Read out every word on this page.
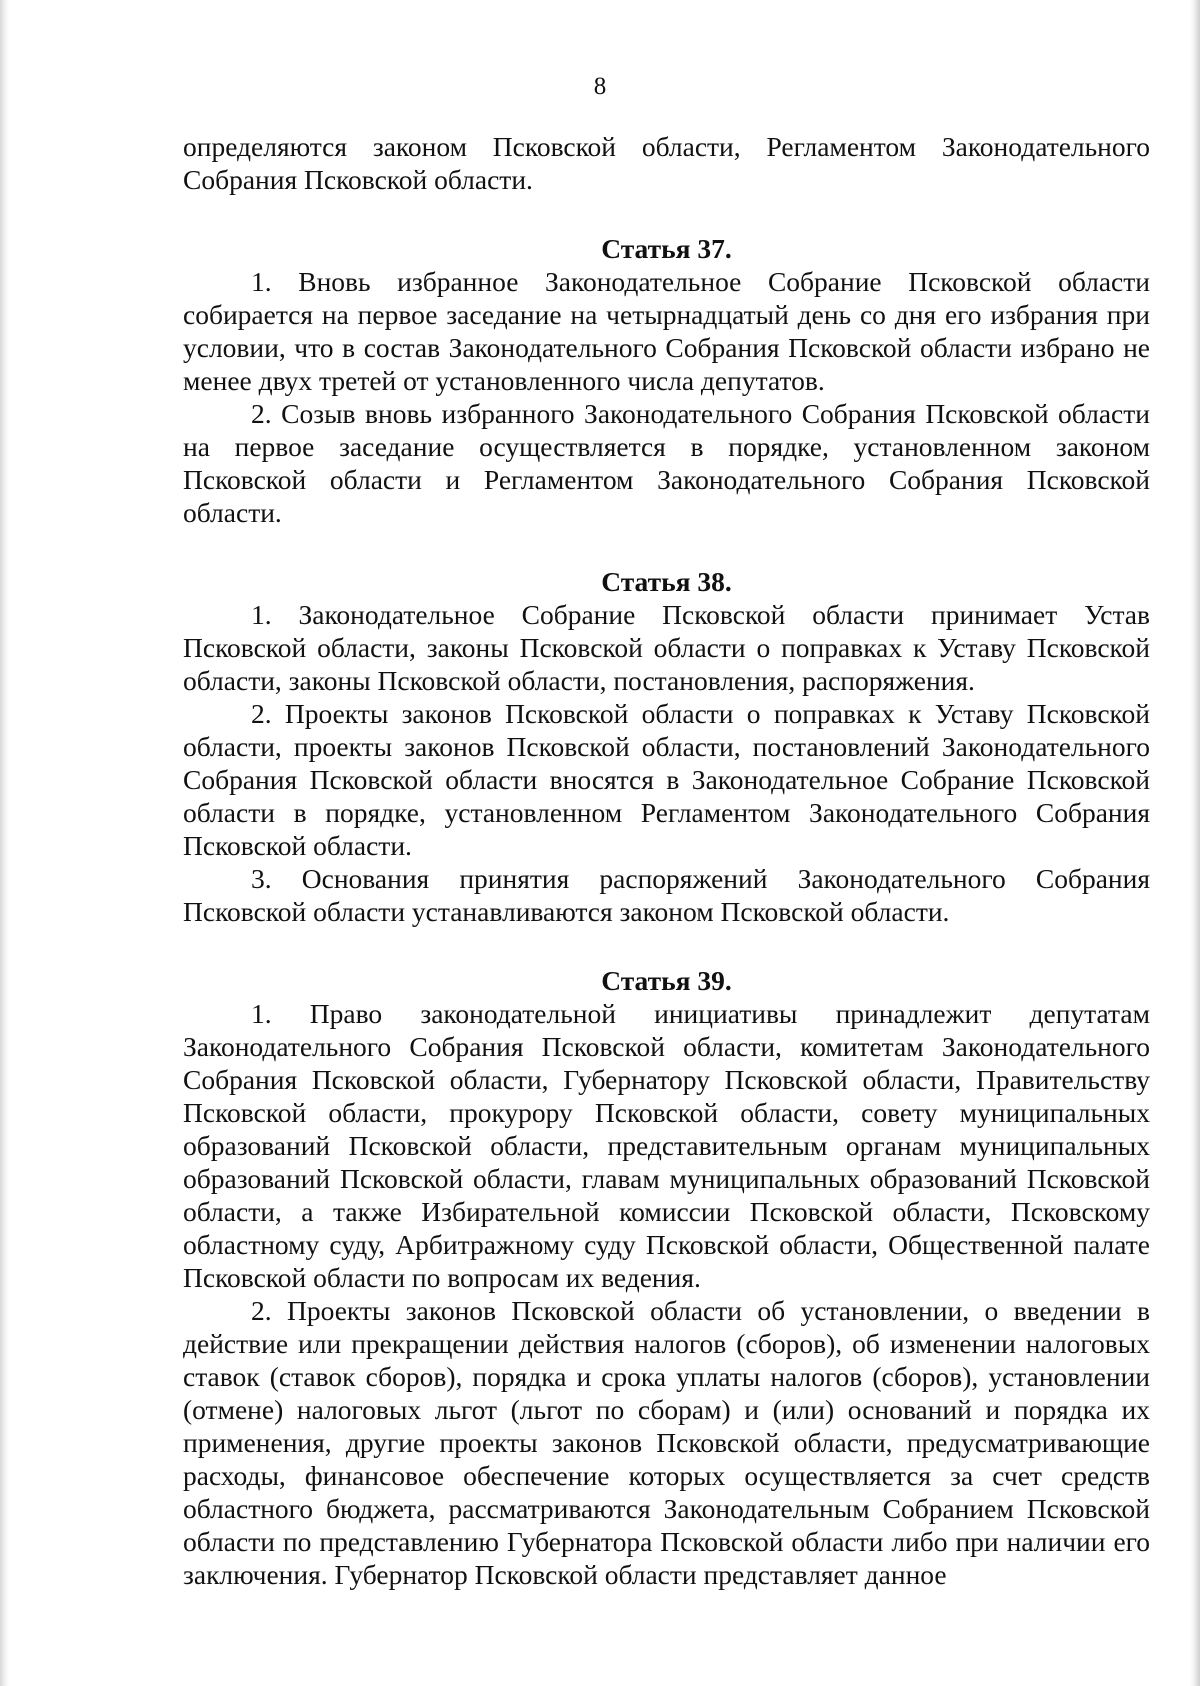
8

определяются законом Псковской области, Регламентом Законодательного Собрания Псковской области.

Статья 37.

1. Вновь избранное Законодательное Собрание Псковской области собирается на первое заседание на четырнадцатый день со дня его избрания при условии, что в состав Законодательного Собрания Псковской области избрано не менее двух третей от установленного числа депутатов.

2. Созыв вновь избранного Законодательного Собрания Псковской области на первое заседание осуществляется в порядке, установленном законом Псковской области и Регламентом Законодательного Собрания Псковской области.

Статья 38.

1. Законодательное Собрание Псковской области принимает Устав Псковской области, законы Псковской области о поправках к Уставу Псковской области, законы Псковской области, постановления, распоряжения.

2. Проекты законов Псковской области о поправках к Уставу Псковской области, проекты законов Псковской области, постановлений Законодательного Собрания Псковской области вносятся в Законодательное Собрание Псковской области в порядке, установленном Регламентом Законодательного Собрания Псковской области.

3. Основания принятия распоряжений Законодательного Собрания Псковской области устанавливаются законом Псковской области.

Статья 39.

1. Право законодательной инициативы принадлежит депутатам Законодательного Собрания Псковской области, комитетам Законодательного Собрания Псковской области, Губернатору Псковской области, Правительству Псковской области, прокурору Псковской области, совету муниципальных образований Псковской области, представительным органам муниципальных образований Псковской области, главам муниципальных образований Псковской области, а также Избирательной комиссии Псковской области, Псковскому областному суду, Арбитражному суду Псковской области, Общественной палате Псковской области по вопросам их ведения.

2. Проекты законов Псковской области об установлении, о введении в действие или прекращении действия налогов (сборов), об изменении налоговых ставок (ставок сборов), порядка и срока уплаты налогов (сборов), установлении (отмене) налоговых льгот (льгот по сборам) и (или) оснований и порядка их применения, другие проекты законов Псковской области, предусматривающие расходы, финансовое обеспечение которых осуществляется за счет средств областного бюджета, рассматриваются Законодательным Собранием Псковской области по представлению Губернатора Псковской области либо при наличии его заключения. Губернатор Псковской области представляет данное
